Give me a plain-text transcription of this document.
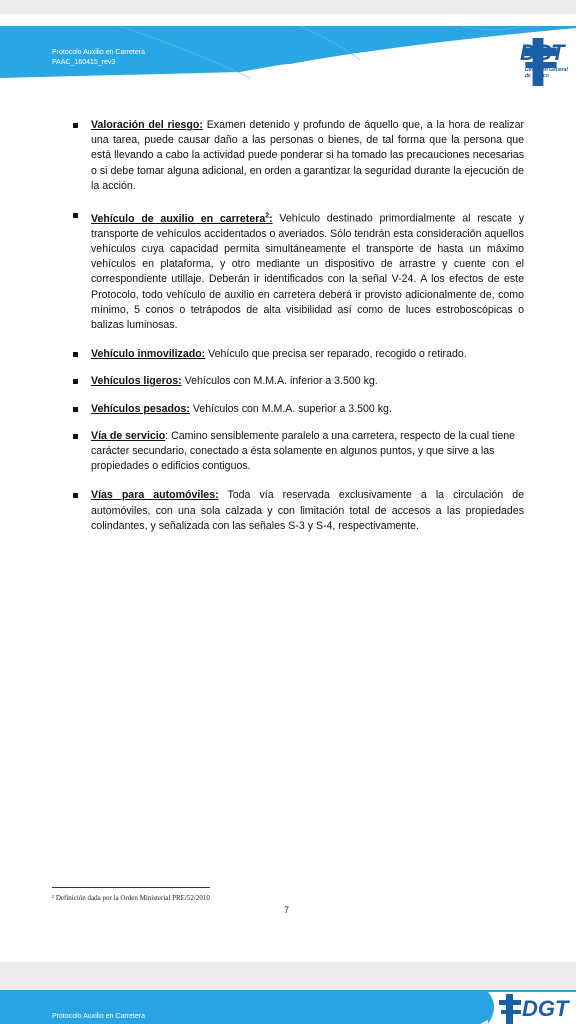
Protocolo Auxilio en Carretera
PAAC_160415_rev3	DGT
Dirección General
de Tráfico
Valoración del riesgo: Examen detenido y profundo de áquello que, a la hora de realizar una tarea, puede causar daño a las personas o bienes, de tal forma que la persona que está llevando a cabo la actividad puede ponderar si ha tomado las precauciones necesarias o si debe tomar alguna adicional, en orden a garantizar la seguridad durante la ejecución de la acción.
Vehículo de auxilio en carretera$^2$: Vehículo destinado primordialmente al rescate y transporte de vehículos accidentados o averiados. Sólo tendrán esta consideración aquellos vehículos cuya capacidad permita simultáneamente el transporte de hasta un máximo vehículos en plataforma, y otro mediante un dispositivo de arrastre y cuente con el correspondiente utillaje. Deberán ir identificados con la señal V-24. A los efectos de este Protocolo, todo vehículo de auxilio en carretera deberá ir provisto adicionalmente de, como mínimo, 5 conos o tetrápodos de alta visibilidad así como de luces estroboscópicas o balizas luminosas.
Vehículo inmovilizado: Vehículo que precisa ser reparado, recogido o retirado.
Vehículos ligeros: Vehículos con M.M.A. inferior a 3.500 kg.
Vehículos pesados: Vehículos con M.M.A. superior a 3.500 kg.
Vía de servicio: Camino sensiblemente paralelo a una carretera, respecto de la cual tiene carácter secundario, conectado a ésta solamente en algunos puntos, y que sirve a las propiedades o edificios contiguos.
Vías para automóviles: Toda vía reservada exclusivamente a la circulación de automóviles, con una sola calzada y con limitación total de accesos a las propiedades colindantes, y señalizada con las señales S-3 y S-4, respectivamente.
² Definición dada por la Orden Ministerial PRE/52/2010
7
Protocolo Auxilio en Carretera	DGT
